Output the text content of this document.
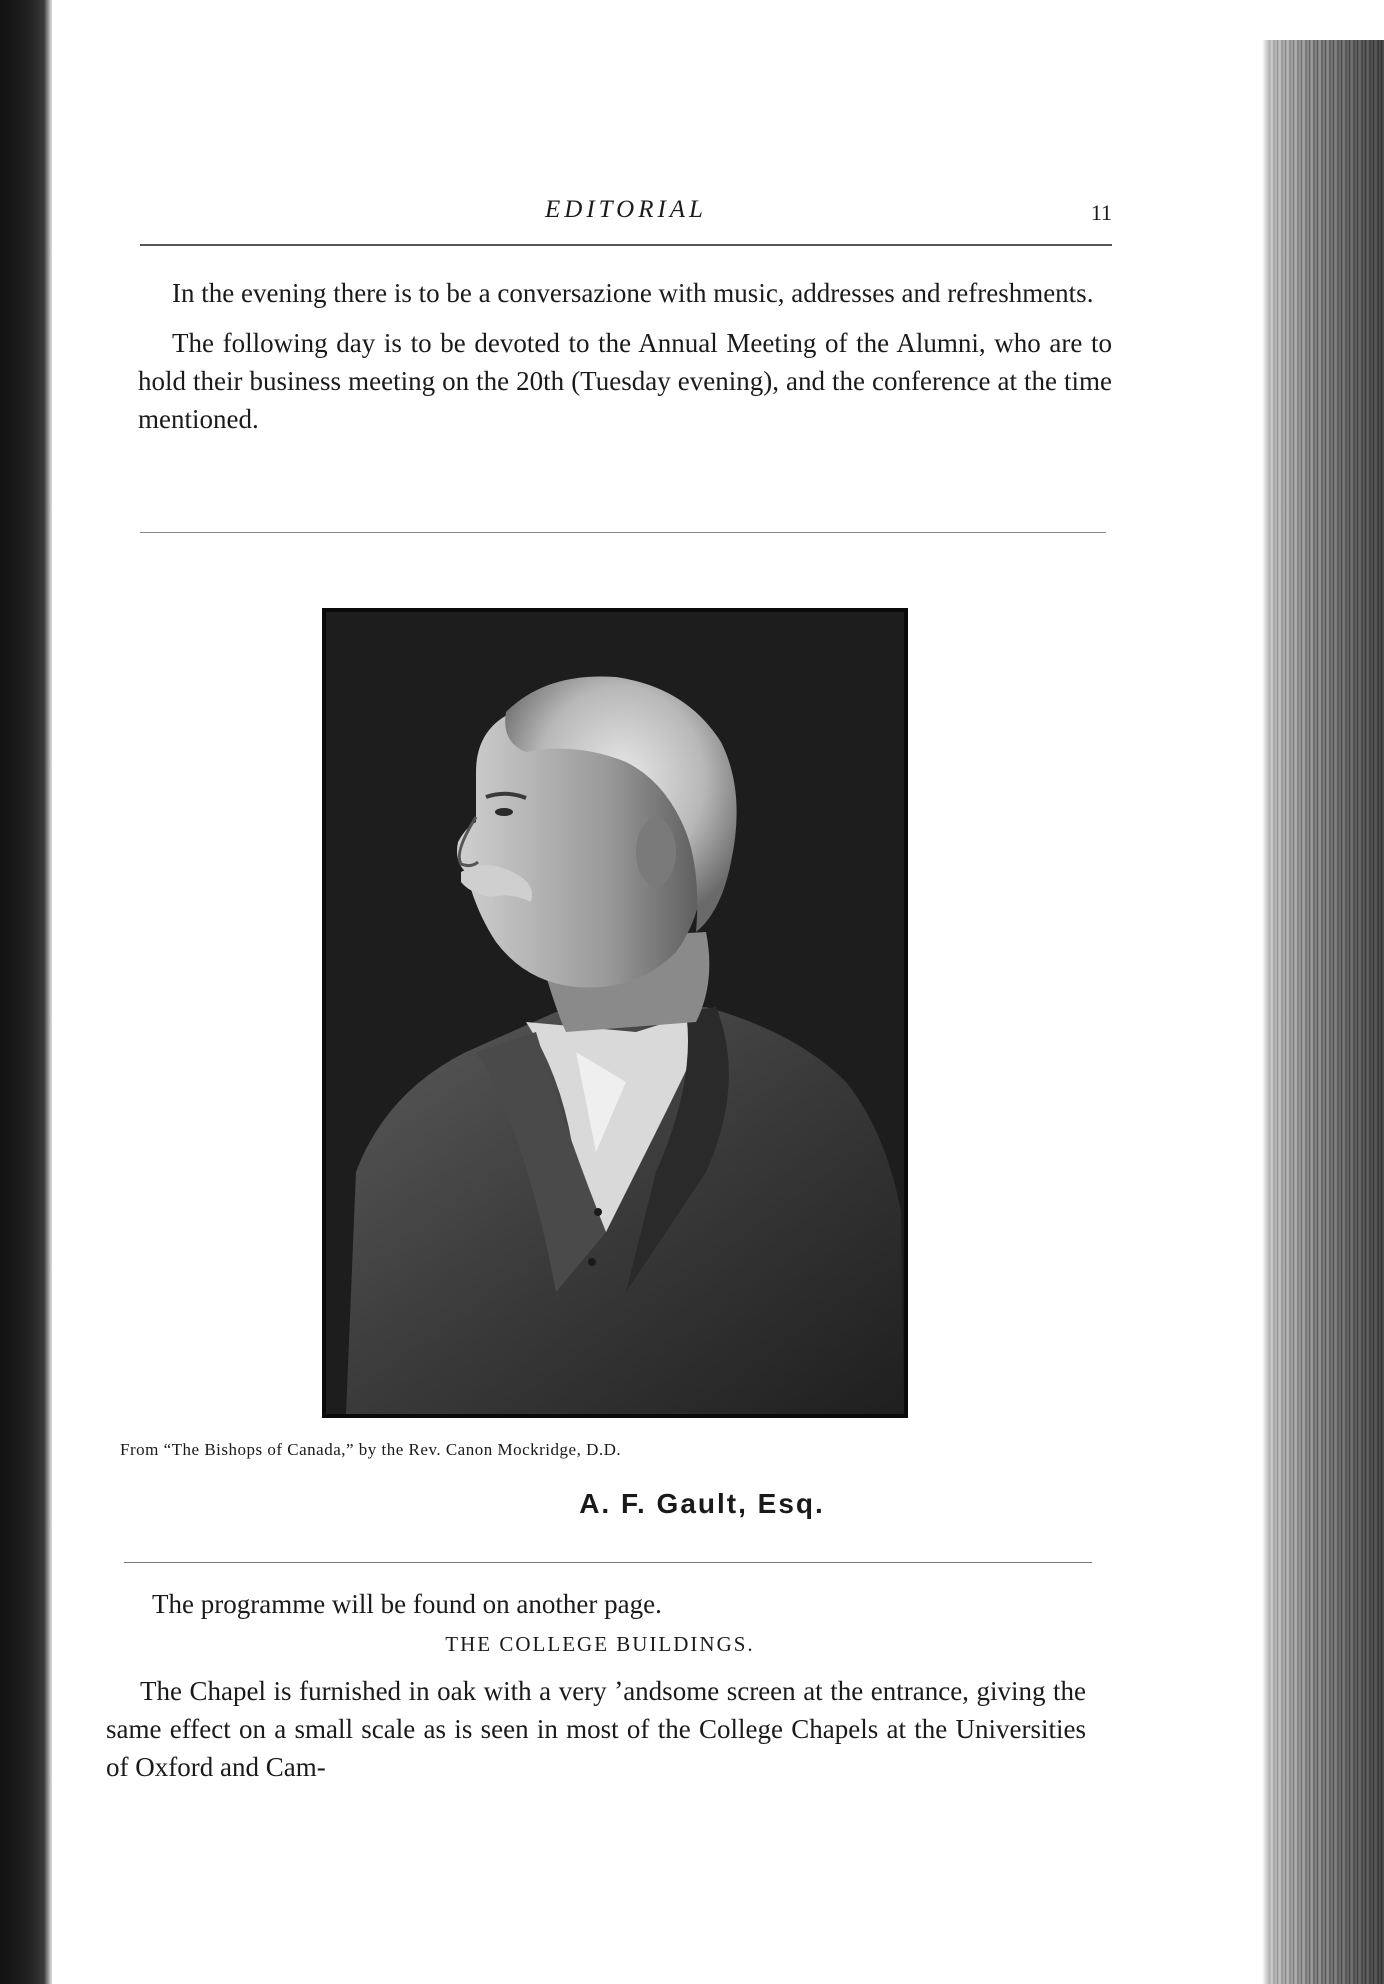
EDITORIAL	11

In the evening there is to be a conversazione with music, addresses and refreshments.

The following day is to be devoted to the Annual Meeting of the Alumni, who are to hold their business meeting on the 20th (Tuesday evening), and the conference at the time mentioned.

From “The Bishops of Canada,” by the Rev. Canon Mockridge, D.D.
A. F. Gault, Esq.

The programme will be found on another page.

THE COLLEGE BUILDINGS.

The Chapel is furnished in oak with a very ʼandsome screen at the entrance, giving the same effect on a small scale as is seen in most of the College Chapels at the Universities of Oxford and Cam-
